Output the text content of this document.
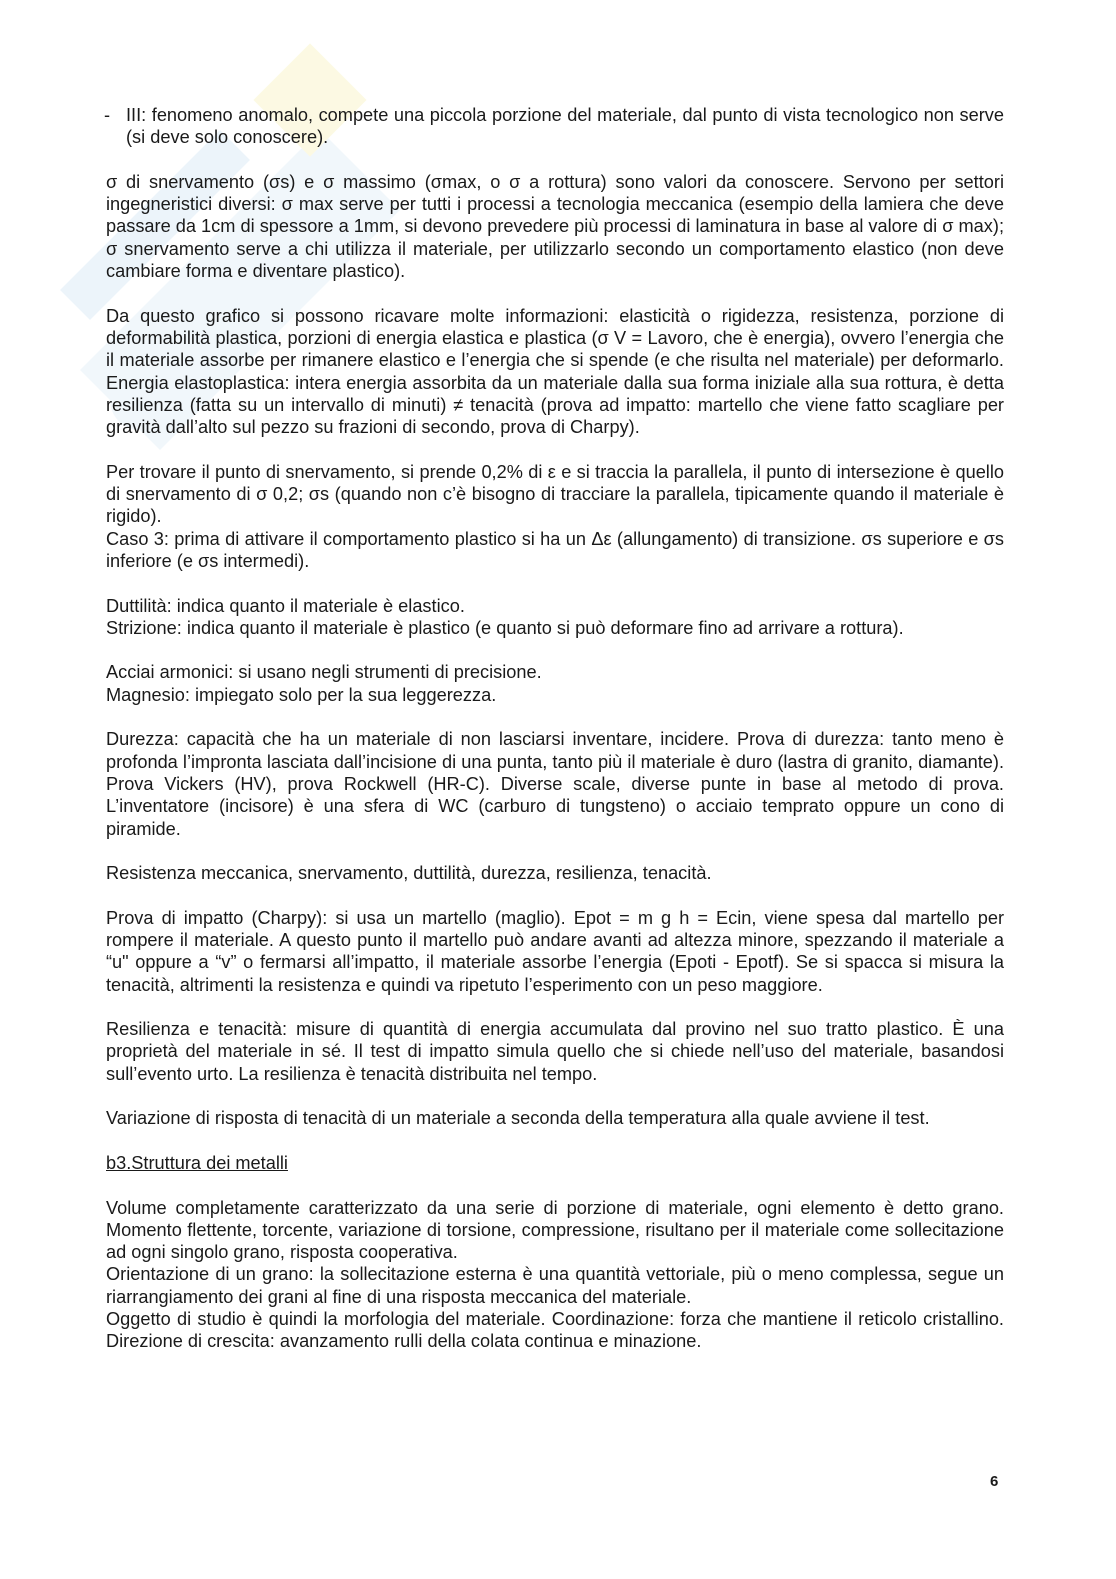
- III: fenomeno anomalo, compete una piccola porzione del materiale, dal punto di vista tecnologico non serve (si deve solo conoscere).

σ di snervamento (σs) e σ massimo (σmax, o σ a rottura) sono valori da conoscere. Servono per settori ingegneristici diversi: σ max serve per tutti i processi a tecnologia meccanica (esempio della lamiera che deve passare da 1cm di spessore a 1mm, si devono prevedere più processi di laminatura in base al valore di σ max); σ snervamento serve a chi utilizza il materiale, per utilizzarlo secondo un comportamento elastico (non deve cambiare forma e diventare plastico).

Da questo grafico si possono ricavare molte informazioni: elasticità o rigidezza, resistenza, porzione di deformabilità plastica, porzioni di energia elastica e plastica (σ V = Lavoro, che è energia), ovvero l’energia che il materiale assorbe per rimanere elastico e l’energia che si spende (e che risulta nel materiale) per deformarlo. Energia elastoplastica: intera energia assorbita da un materiale dalla sua forma iniziale alla sua rottura, è detta resilienza (fatta su un intervallo di minuti) ≠ tenacità (prova ad impatto: martello che viene fatto scagliare per gravità dall’alto sul pezzo su frazioni di secondo, prova di Charpy).

Per trovare il punto di snervamento, si prende 0,2% di ε e si traccia la parallela, il punto di intersezione è quello di snervamento di σ 0,2; σs (quando non c’è bisogno di tracciare la parallela, tipicamente quando il materiale è rigido).

Caso 3: prima di attivare il comportamento plastico si ha un Δε (allungamento) di transizione. σs superiore e σs inferiore (e σs intermedi).

Duttilità: indica quanto il materiale è elastico.

Strizione: indica quanto il materiale è plastico (e quanto si può deformare fino ad arrivare a rottura).

Acciai armonici: si usano negli strumenti di precisione.

Magnesio: impiegato solo per la sua leggerezza.

Durezza: capacità che ha un materiale di non lasciarsi inventare, incidere. Prova di durezza: tanto meno è profonda l’impronta lasciata dall’incisione di una punta, tanto più il materiale è duro (lastra di granito, diamante). Prova Vickers (HV), prova Rockwell (HR-C). Diverse scale, diverse punte in base al metodo di prova. L’inventatore (incisore) è una sfera di WC (carburo di tungsteno) o acciaio temprato oppure un cono di piramide.

Resistenza meccanica, snervamento, duttilità, durezza, resilienza, tenacità.

Prova di impatto (Charpy): si usa un martello (maglio). Epot = m g h = Ecin, viene spesa dal martello per rompere il materiale. A questo punto il martello può andare avanti ad altezza minore, spezzando il materiale a “u" oppure a “v” o fermarsi all’impatto, il materiale assorbe l’energia (Epoti - Epotf). Se si spacca si misura la tenacità, altrimenti la resistenza e quindi va ripetuto l’esperimento con un peso maggiore.

Resilienza e tenacità: misure di quantità di energia accumulata dal provino nel suo tratto plastico. È una proprietà del materiale in sé. Il test di impatto simula quello che si chiede nell’uso del materiale, basandosi sull’evento urto. La resilienza è tenacità distribuita nel tempo.

Variazione di risposta di tenacità di un materiale a seconda della temperatura alla quale avviene il test.

b3.Struttura dei metalli

Volume completamente caratterizzato da una serie di porzione di materiale, ogni elemento è detto grano. Momento flettente, torcente, variazione di torsione, compressione, risultano per il materiale come sollecitazione ad ogni singolo grano, risposta cooperativa.

Orientazione di un grano: la sollecitazione esterna è una quantità vettoriale, più o meno complessa, segue un riarrangiamento dei grani al fine di una risposta meccanica del materiale.

Oggetto di studio è quindi la morfologia del materiale. Coordinazione: forza che mantiene il reticolo cristallino. Direzione di crescita: avanzamento rulli della colata continua e minazione.

6
